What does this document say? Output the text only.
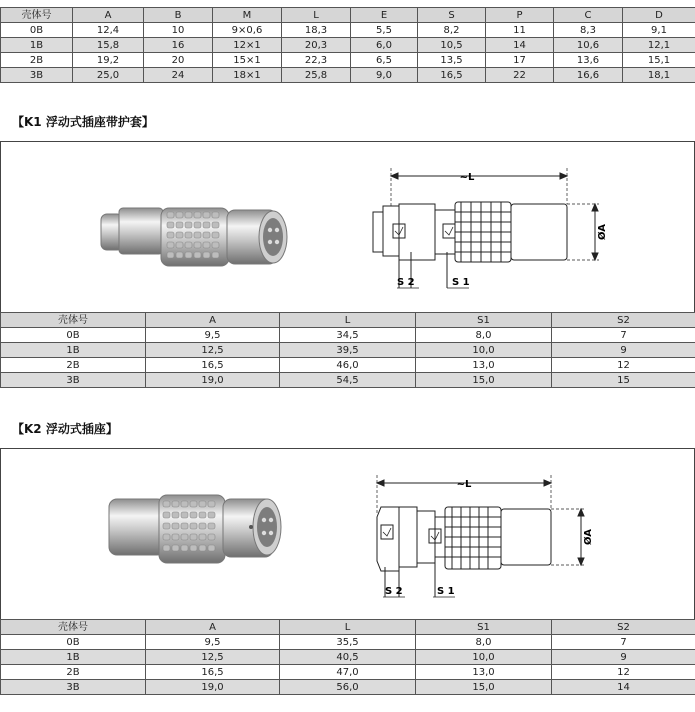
壳体号	A	B	M	L	E	S	P	C	D
0B	12,4	10	9×0,6	18,3	5,5	8,2	11	8,3	9,1
1B	15,8	16	12×1	20,3	6,0	10,5	14	10,6	12,1
2B	19,2	20	15×1	22,3	6,5	13,5	17	13,6	15,1
3B	25,0	24	18×1	25,8	9,0	16,5	22	16,6	18,1
【K1 浮动式插座带护套】
~L
ØA
S 2	S 1
壳体号	A	L	S1	S2
0B	9,5	34,5	8,0	7
1B	12,5	39,5	10,0	9
2B	16,5	46,0	13,0	12
3B	19,0	54,5	15,0	15
【K2 浮动式插座】
~L
ØA
S 2	S 1
壳体号	A	L	S1	S2
0B	9,5	35,5	8,0	7
1B	12,5	40,5	10,0	9
2B	16,5	47,0	13,0	12
3B	19,0	56,0	15,0	14
